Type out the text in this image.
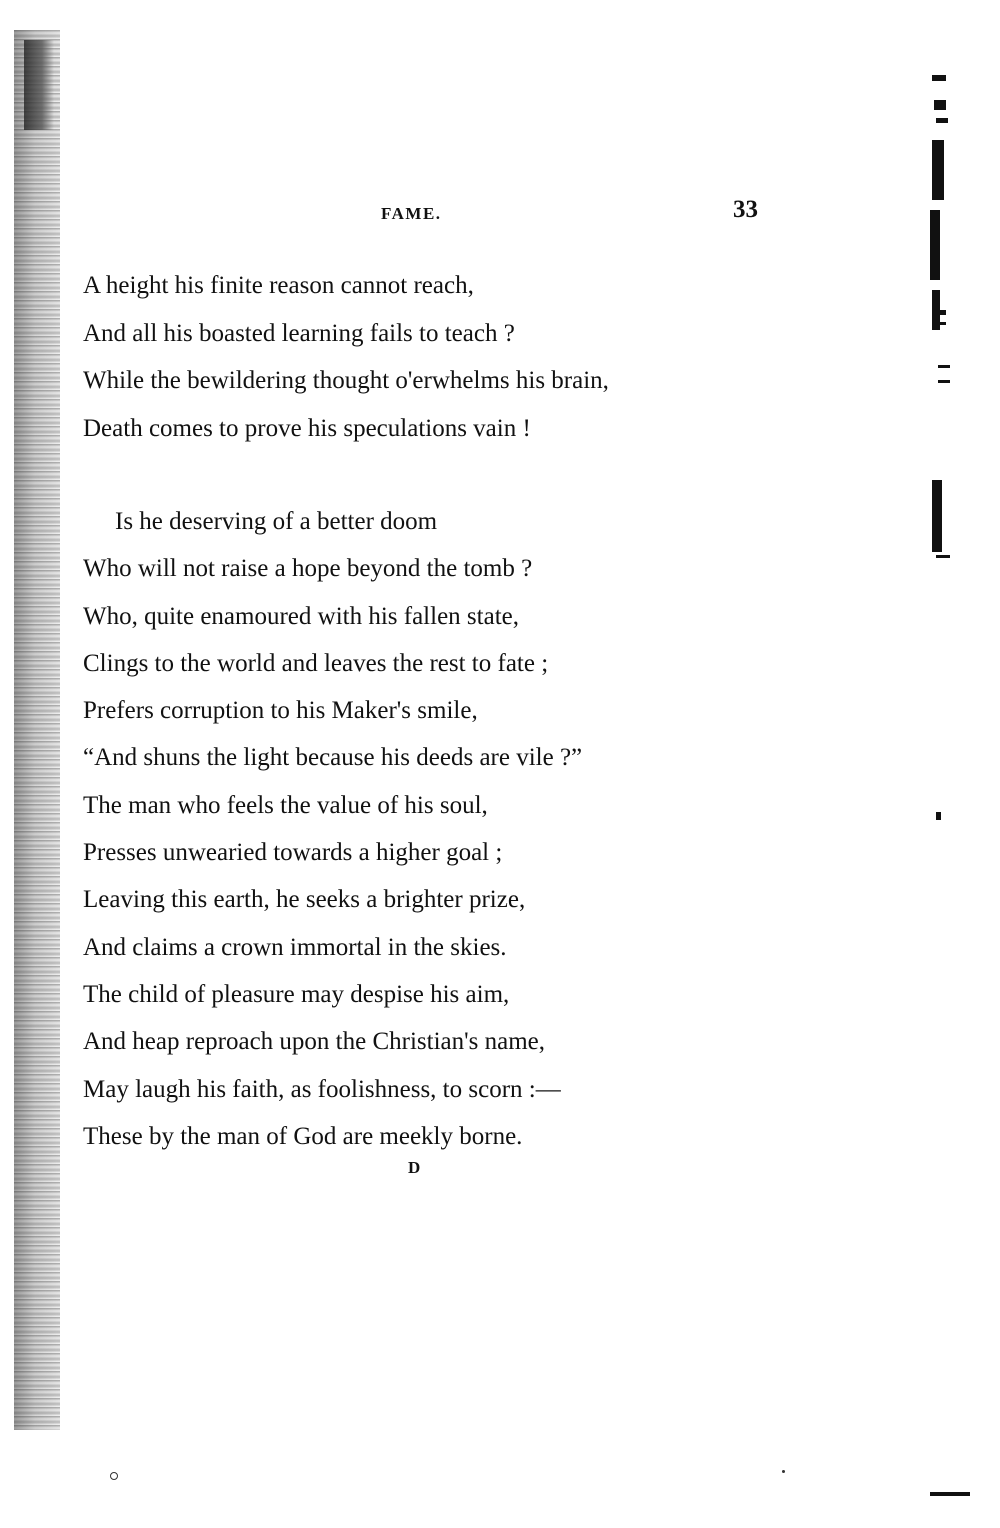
FAME.	33
A height his finite reason cannot reach,
And all his boasted learning fails to teach ?
While the bewildering thought o'erwhelms his brain,
Death comes to prove his speculations vain !
Is he deserving of a better doom
Who will not raise a hope beyond the tomb ?
Who, quite enamoured with his fallen state,
Clings to the world and leaves the rest to fate ;
Prefers corruption to his Maker's smile,
“And shuns the light because his deeds are vile ?”
The man who feels the value of his soul,
Presses unwearied towards a higher goal ;
Leaving this earth, he seeks a brighter prize,
And claims a crown immortal in the skies.
The child of pleasure may despise his aim,
And heap reproach upon the Christian's name,
May laugh his faith, as foolishness, to scorn :—
These by the man of God are meekly borne.
D
